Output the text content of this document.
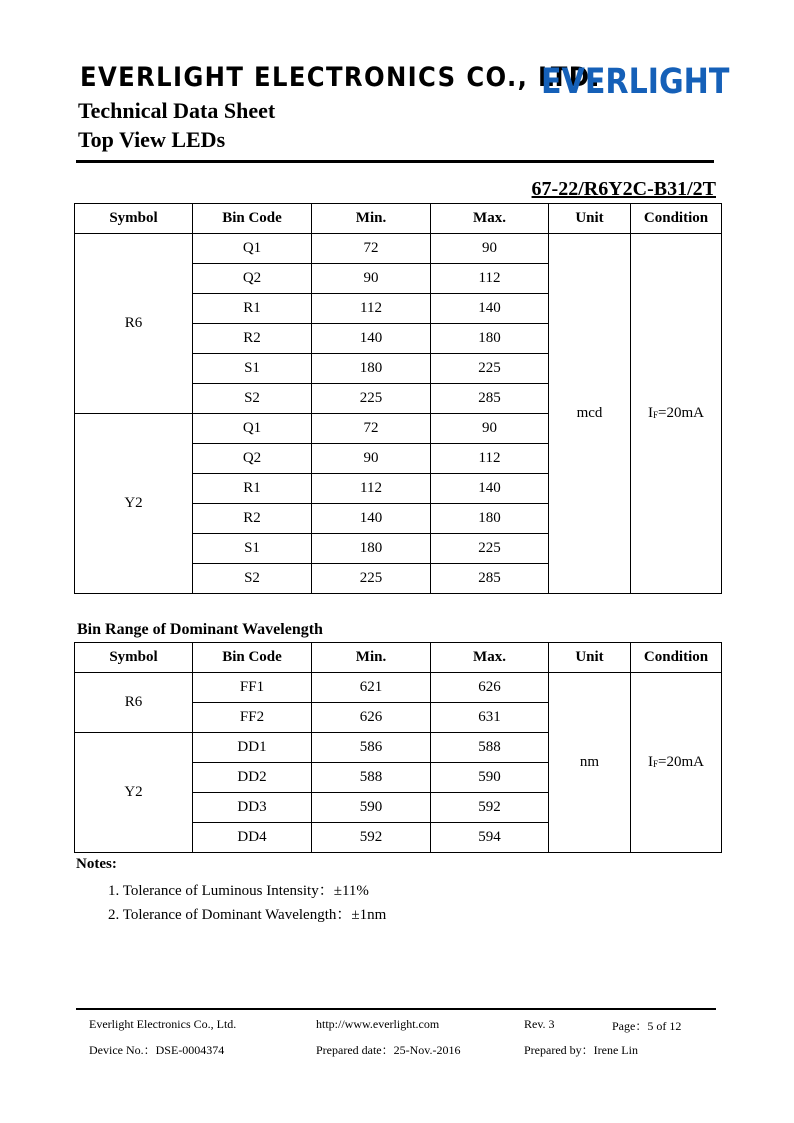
EVERLIGHT ELECTRONICS CO., LTD.
EVERLIGHT
Technical Data Sheet
Top View LEDs
67-22/R6Y2C-B31/2T
Symbol	Bin Code	Min.	Max.	Unit	Condition
R6	Q1	72	90	mcd	$I_F=20mA$
	Q2	90	112		
	R1	112	140		
	R2	140	180		
	S1	180	225		
	S2	225	285		
Y2	Q1	72	90		
	Q2	90	112		
	R1	112	140		
	R2	140	180		
	S1	180	225		
	S2	225	285		
Bin Range of Dominant Wavelength
Symbol	Bin Code	Min.	Max.	Unit	Condition
R6	FF1	621	626	nm	$I_F=20mA$
	FF2	626	631		
Y2	DD1	586	588		
	DD2	588	590		
	DD3	590	592		
	DD4	592	594		
Notes:
1. Tolerance of Luminous Intensity：±11%
2. Tolerance of Dominant Wavelength：±1nm
Everlight Electronics Co., Ltd.	http://www.everlight.com	Rev. 3	Page：5 of 12
Device No.：DSE-0004374	Prepared date：25-Nov.-2016	Prepared by：Irene Lin
